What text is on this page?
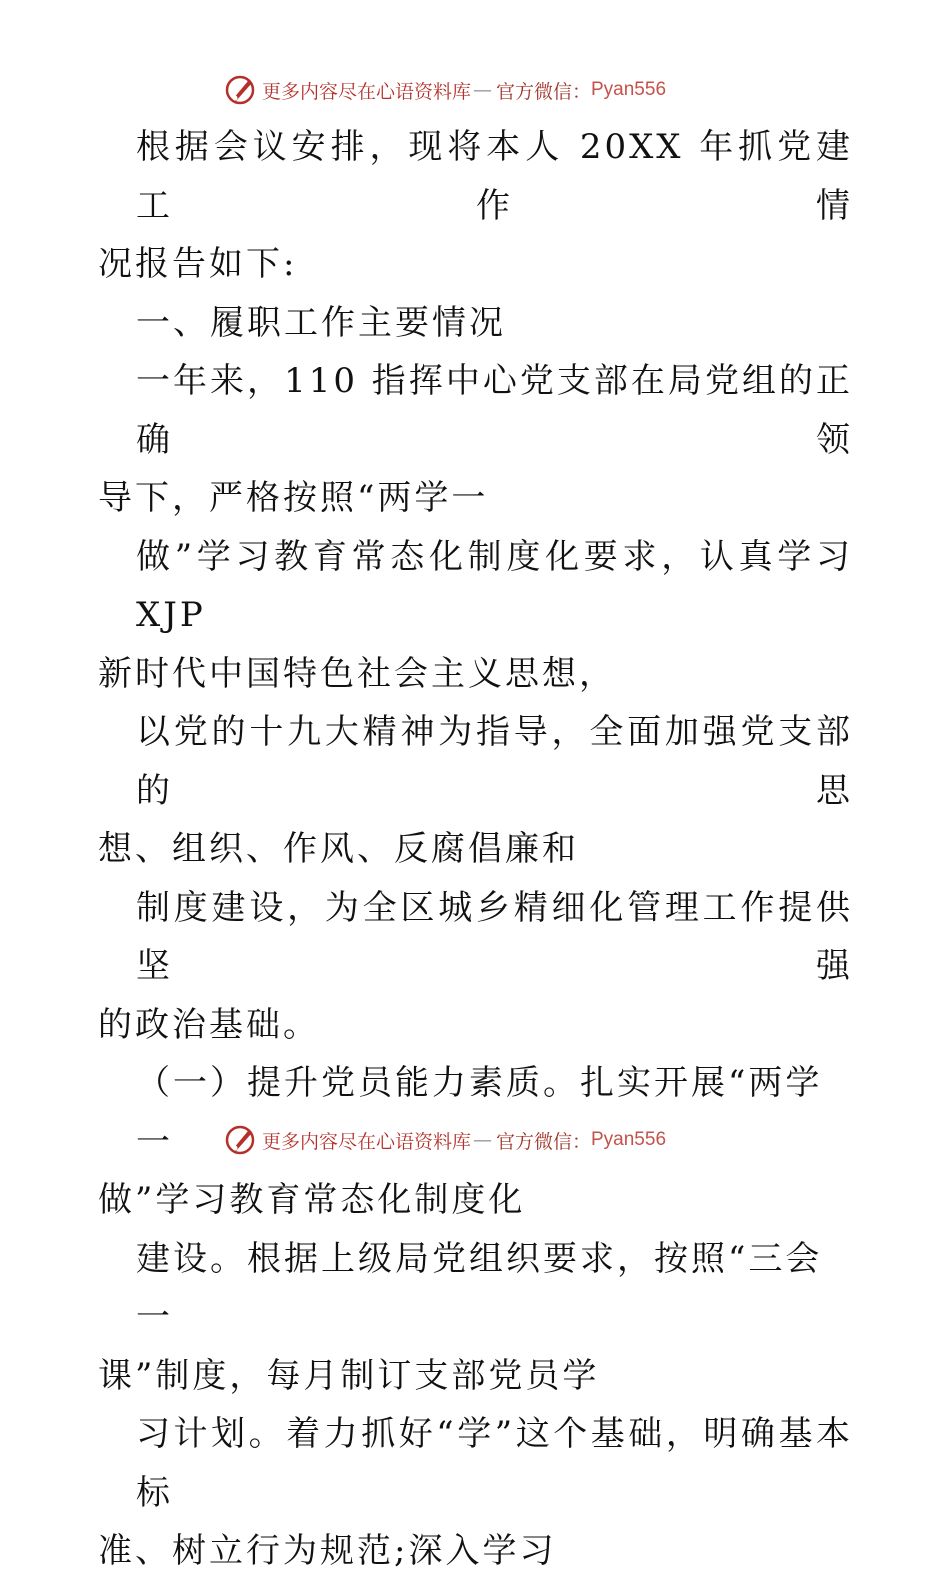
更多内容尽在心语资料库 — 官方微信： Pyan556

根据会议安排，现将本人 20XX 年抓党建工作情

况报告如下:

一、履职工作主要情况

一年来，110 指挥中心党支部在局党组的正确领

导下，严格按照“两学一

做”学习教育常态化制度化要求，认真学习 XJP

新时代中国特色社会主义思想，

以党的十九大精神为指导，全面加强党支部的思

想、组织、作风、反腐倡廉和

制度建设，为全区城乡精细化管理工作提供坚强

的政治基础。

（一）提升党员能力素质。扎实开展“两学一

做”学习教育常态化制度化

建设。根据上级局党组织要求，按照“三会一

课”制度，每月制订支部党员学

习计划。着力抓好“学”这个基础，明确基本标

准、树立行为规范;深入学习

更多内容尽在心语资料库 — 官方微信： Pyan556
